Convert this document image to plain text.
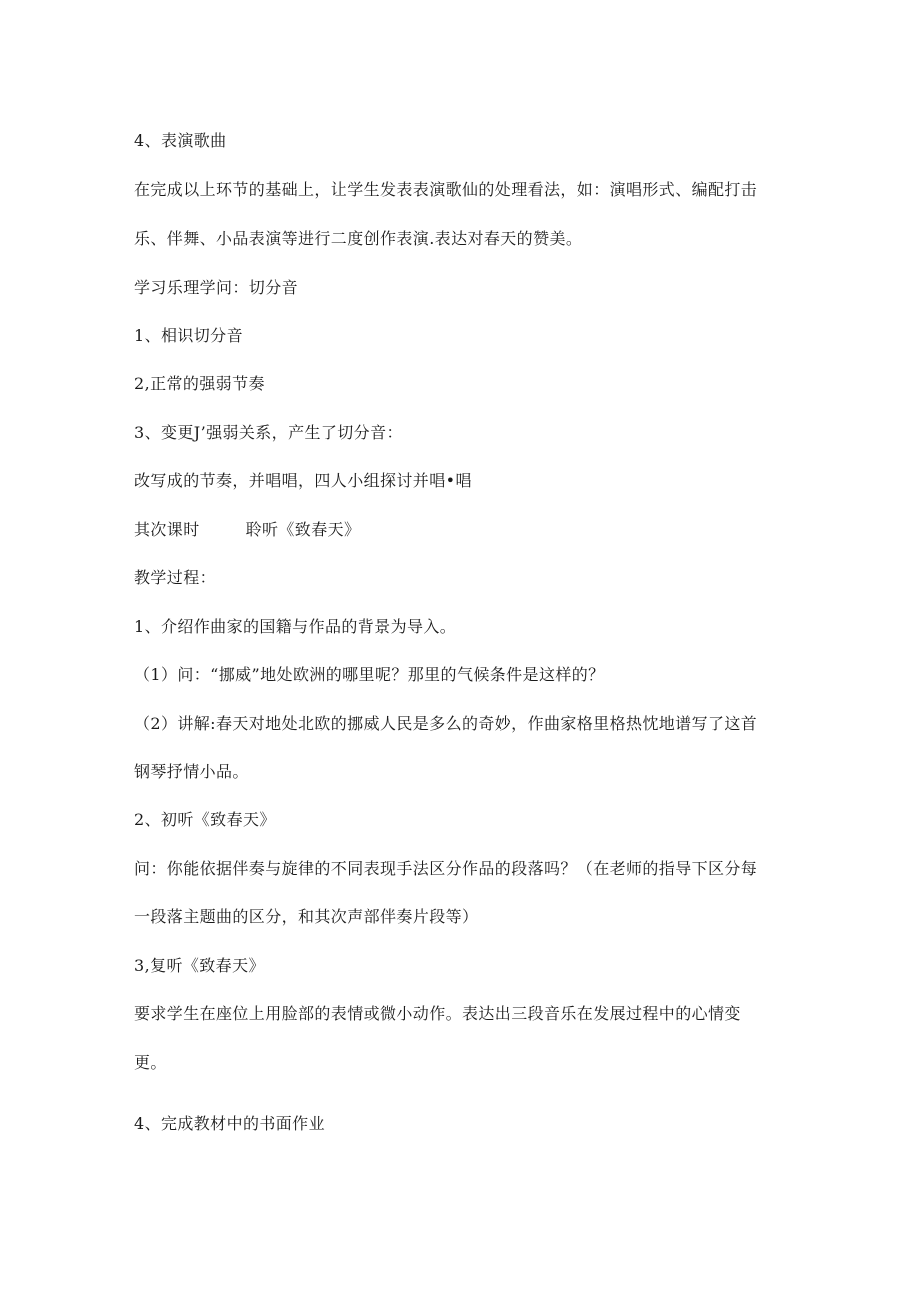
4、表演歌曲
在完成以上环节的基础上，让学生发表表演歌仙的处理看法，如：演唱形式、编配打击
乐、伴舞、小品表演等进行二度创作表演.表达对春天的赞美。
学习乐理学问：切分音
1、相识切分音
2,正常的强弱节奏
3、变更J’强弱关系，产生了切分音：
改写成的节奏，并唱唱，四人小组探讨并唱•唱
其次课时	聆听《致春天》
教学过程：
1、介绍作曲家的国籍与作品的背景为导入。
（1）问：“挪威”地处欧洲的哪里呢？那里的气候条件是这样的？
（2）讲解:春天对地处北欧的挪威人民是多么的奇妙，作曲家格里格热忱地谱写了这首
钢琴抒情小品。
2、初听《致春天》
问：你能依据伴奏与旋律的不同表现手法区分作品的段落吗？（在老师的指导下区分每
一段落主题曲的区分，和其次声部伴奏片段等）
3,复听《致春天》
要求学生在座位上用脸部的表情或微小动作。表达出三段音乐在发展过程中的心情变
更。
4、完成教材中的书面作业
